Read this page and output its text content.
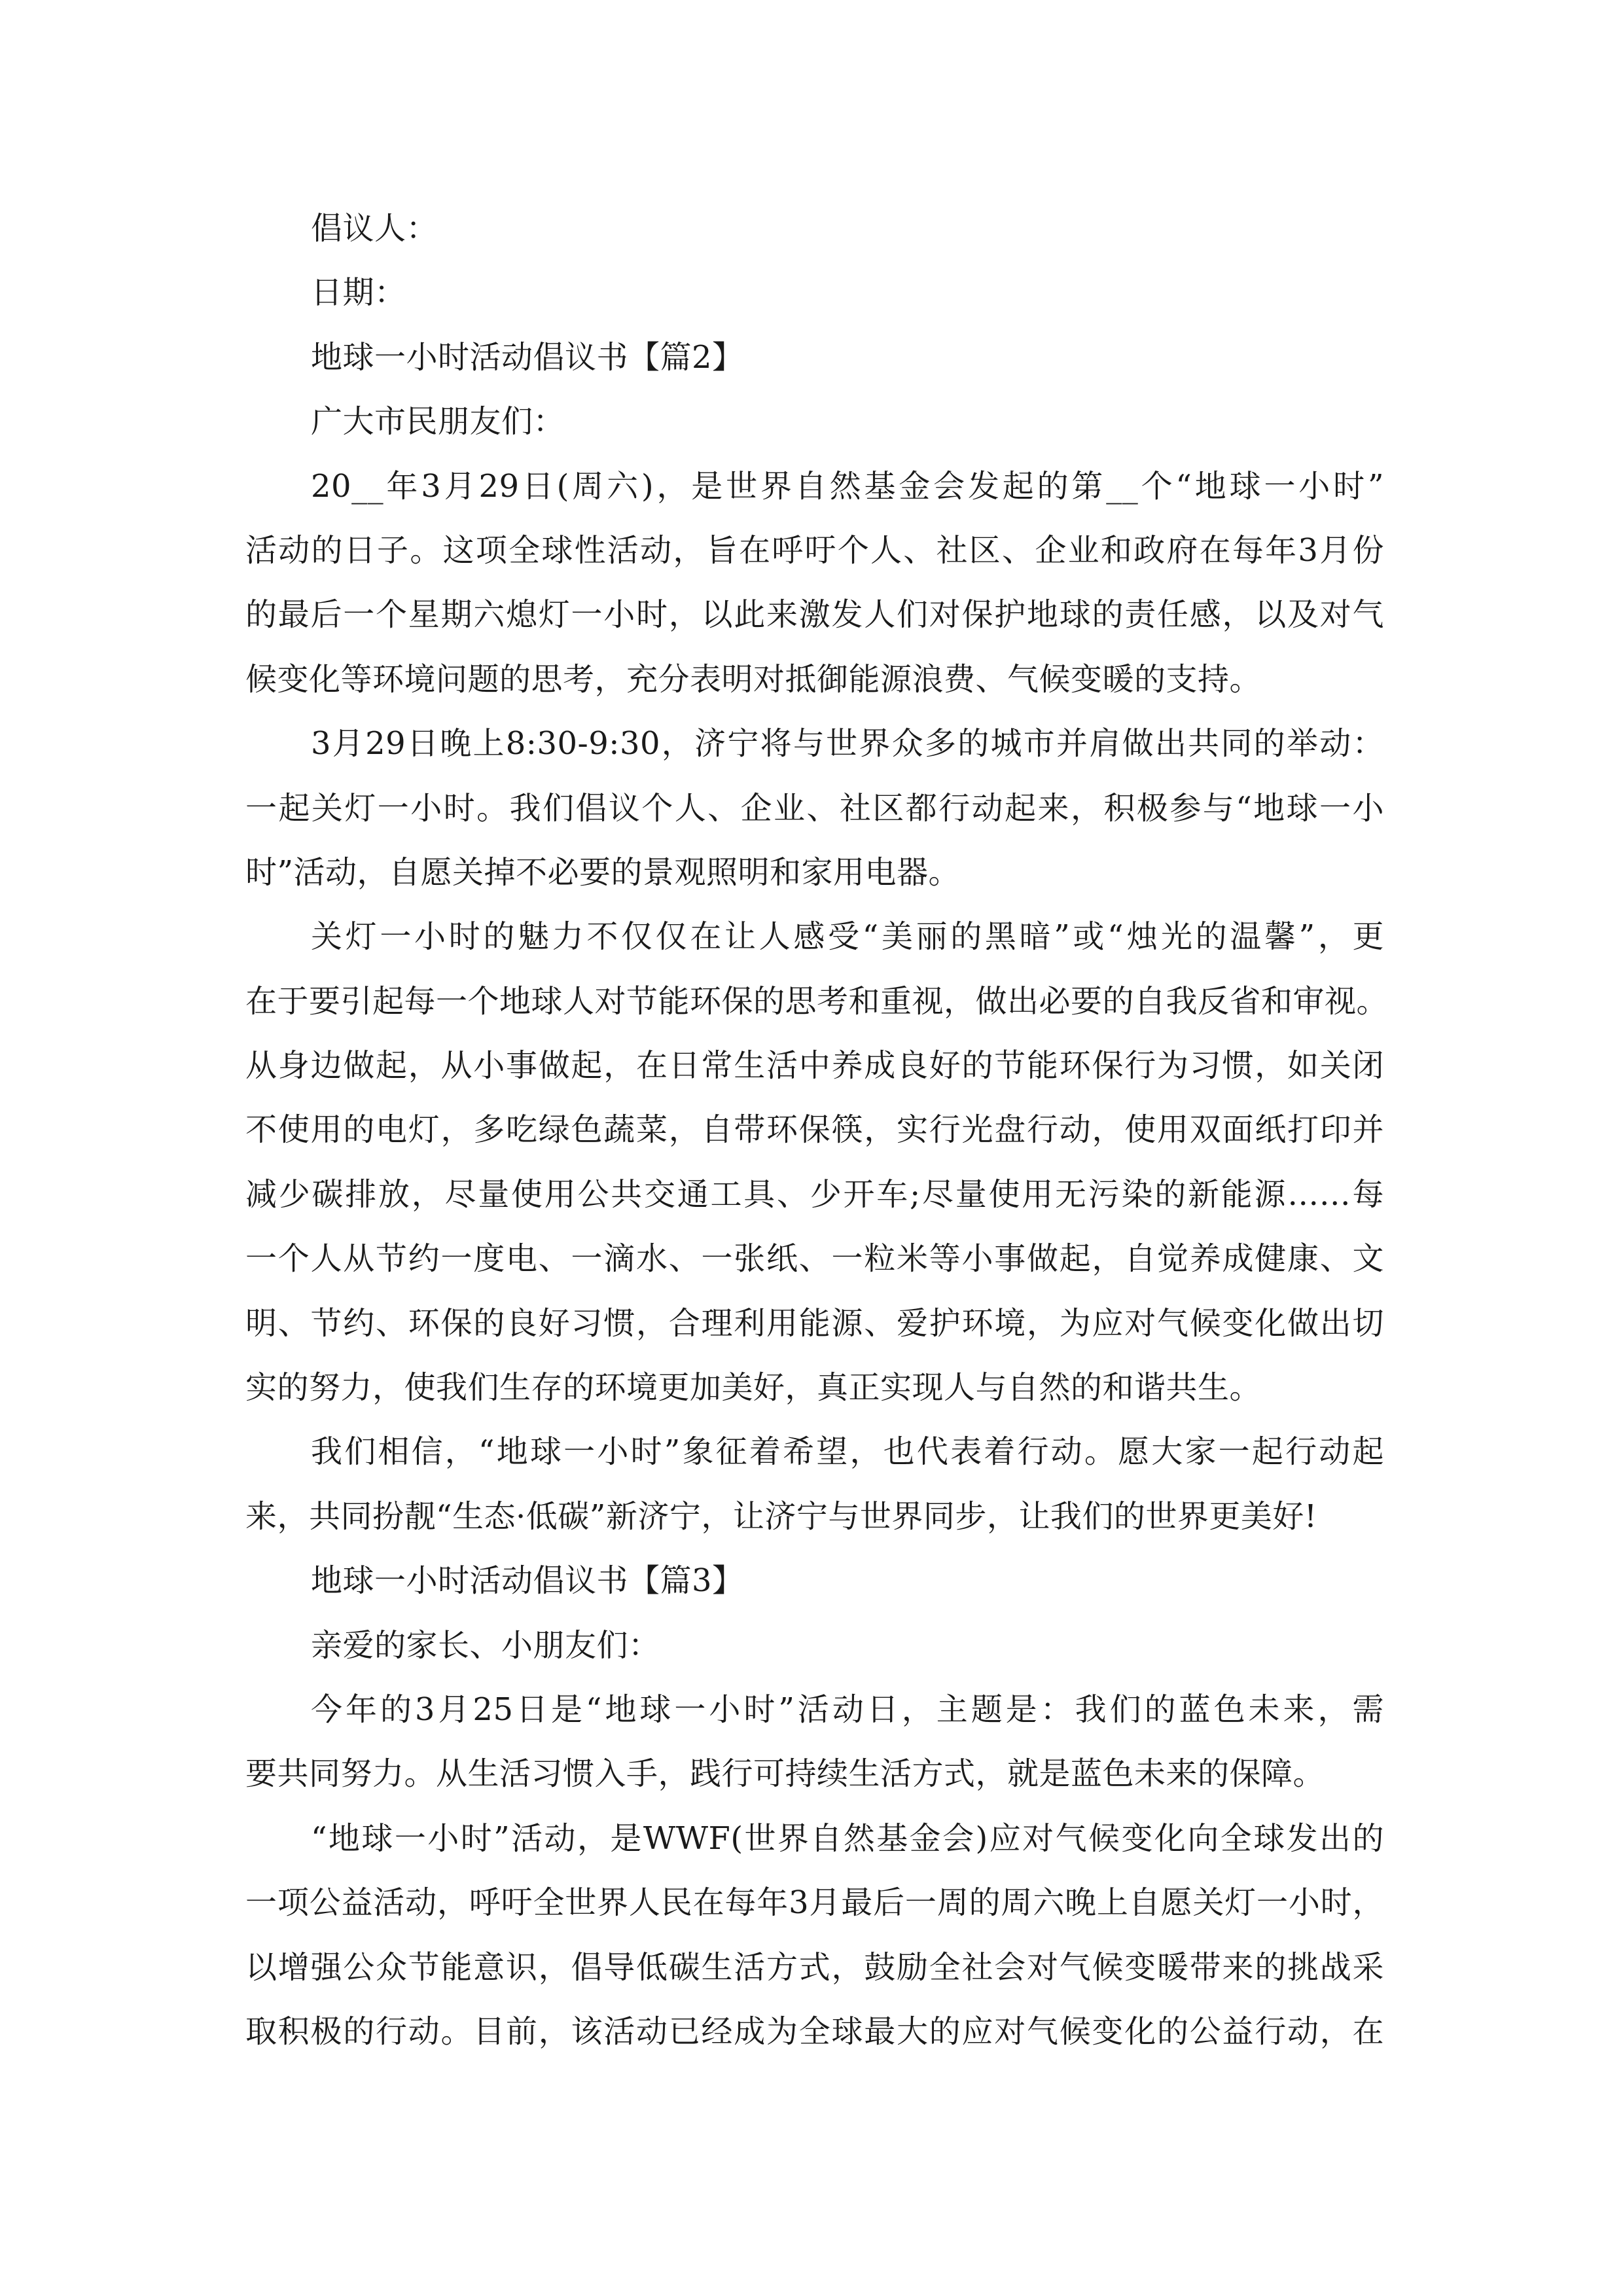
倡议人：
日期：
地球一小时活动倡议书【篇2】
广大市民朋友们：
20__年3月29日(周六)，是世界自然基金会发起的第__个“地球一小时”
活动的日子。这项全球性活动，旨在呼吁个人、社区、企业和政府在每年3月份
的最后一个星期六熄灯一小时，以此来激发人们对保护地球的责任感，以及对气
候变化等环境问题的思考，充分表明对抵御能源浪费、气候变暖的支持。
3月29日晚上8:30-9:30，济宁将与世界众多的城市并肩做出共同的举动：
一起关灯一小时。我们倡议个人、企业、社区都行动起来，积极参与“地球一小
时”活动，自愿关掉不必要的景观照明和家用电器。
关灯一小时的魅力不仅仅在让人感受“美丽的黑暗”或“烛光的温馨”，更
在于要引起每一个地球人对节能环保的思考和重视，做出必要的自我反省和审视。
从身边做起，从小事做起，在日常生活中养成良好的节能环保行为习惯，如关闭
不使用的电灯，多吃绿色蔬菜，自带环保筷，实行光盘行动，使用双面纸打印并
减少碳排放，尽量使用公共交通工具、少开车;尽量使用无污染的新能源……每
一个人从节约一度电、一滴水、一张纸、一粒米等小事做起，自觉养成健康、文
明、节约、环保的良好习惯，合理利用能源、爱护环境，为应对气候变化做出切
实的努力，使我们生存的环境更加美好，真正实现人与自然的和谐共生。
我们相信，“地球一小时”象征着希望，也代表着行动。愿大家一起行动起
来，共同扮靓“生态·低碳”新济宁，让济宁与世界同步，让我们的世界更美好!
地球一小时活动倡议书【篇3】
亲爱的家长、小朋友们：
今年的3月25日是“地球一小时”活动日，主题是：我们的蓝色未来，需
要共同努力。从生活习惯入手，践行可持续生活方式，就是蓝色未来的保障。
“地球一小时”活动，是WWF(世界自然基金会)应对气候变化向全球发出的
一项公益活动，呼吁全世界人民在每年3月最后一周的周六晚上自愿关灯一小时，
以增强公众节能意识，倡导低碳生活方式，鼓励全社会对气候变暖带来的挑战采
取积极的行动。目前，该活动已经成为全球最大的应对气候变化的公益行动，在
